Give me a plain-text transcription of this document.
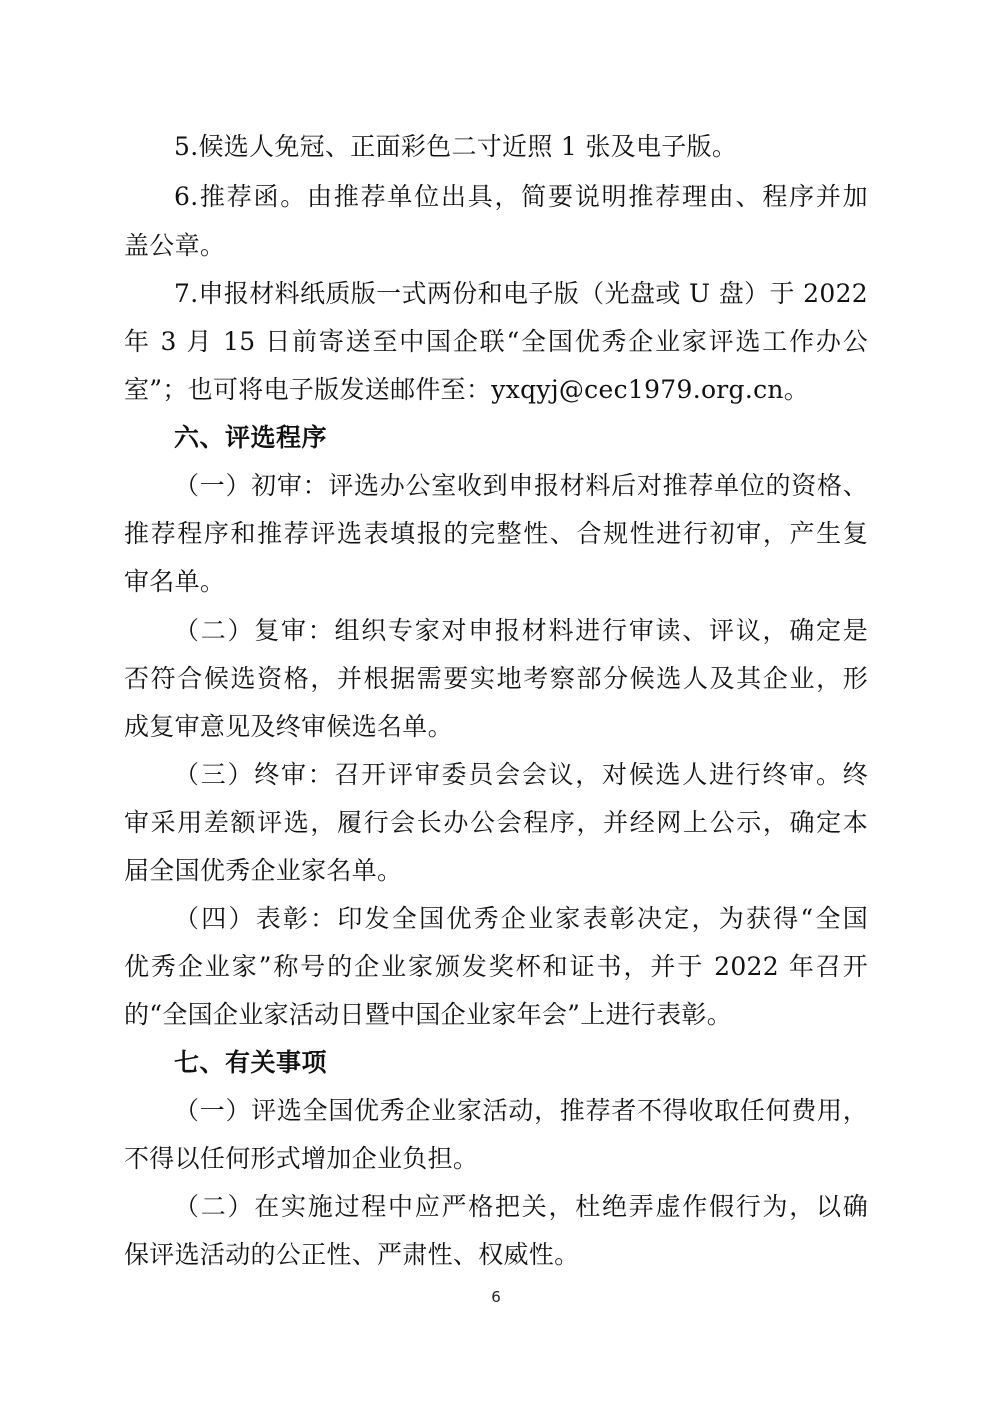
5.候选人免冠、正面彩色二寸近照 1 张及电子版。
6.推荐函。由推荐单位出具，简要说明推荐理由、程序并加
盖公章。
7.申报材料纸质版一式两份和电子版（光盘或 U 盘）于 2022
年 3 月 15 日前寄送至中国企联“全国优秀企业家评选工作办公
室”；也可将电子版发送邮件至：yxqyj@cec1979.org.cn。
六、评选程序
（一）初审：评选办公室收到申报材料后对推荐单位的资格、
推荐程序和推荐评选表填报的完整性、合规性进行初审，产生复
审名单。
（二）复审：组织专家对申报材料进行审读、评议，确定是
否符合候选资格，并根据需要实地考察部分候选人及其企业，形
成复审意见及终审候选名单。
（三）终审：召开评审委员会会议，对候选人进行终审。终
审采用差额评选，履行会长办公会程序，并经网上公示，确定本
届全国优秀企业家名单。
（四）表彰：印发全国优秀企业家表彰决定，为获得“全国
优秀企业家”称号的企业家颁发奖杯和证书，并于 2022 年召开
的“全国企业家活动日暨中国企业家年会”上进行表彰。
七、有关事项
（一）评选全国优秀企业家活动，推荐者不得收取任何费用，
不得以任何形式增加企业负担。
（二）在实施过程中应严格把关，杜绝弄虚作假行为，以确
保评选活动的公正性、严肃性、权威性。
6
